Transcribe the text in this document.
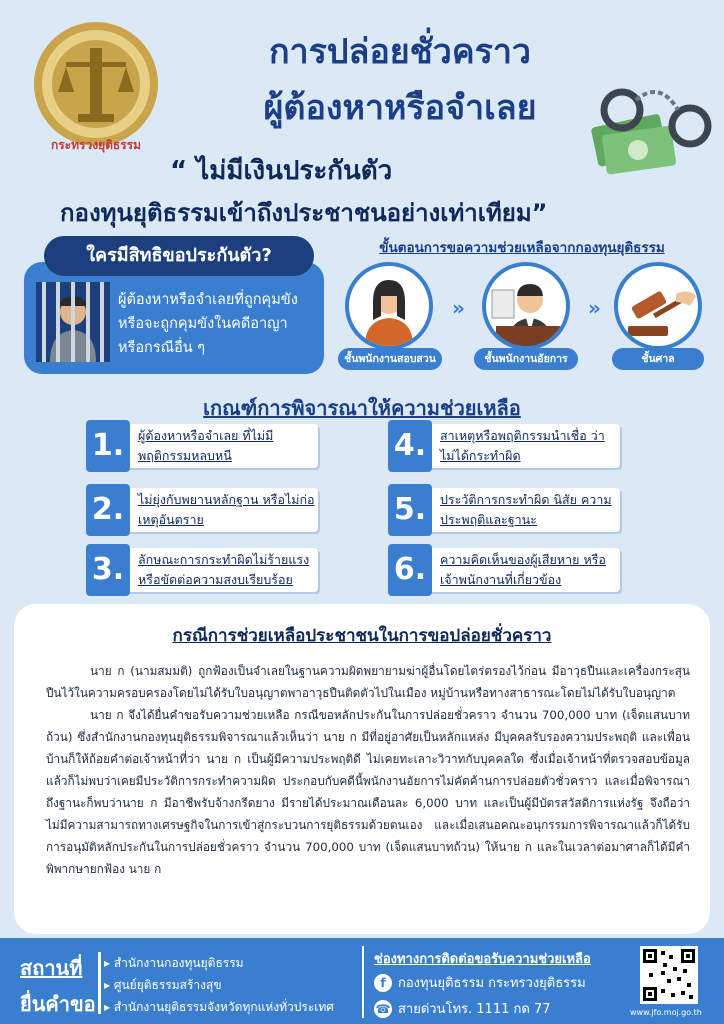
กระทรวงยุติธรรม
การปล่อยชั่วคราว
ผู้ต้องหาหรือจำเลย
“ ไม่มีเงินประกันตัว
กองทุนยุติธรรมเข้าถึงประชาชนอย่างเท่าเทียม”
ใครมีสิทธิขอประกันตัว?
ผู้ต้องหาหรือจำเลยที่ถูกคุมขัง หรือจะถูกคุมขังในคดีอาญา หรือกรณีอื่น ๆ
ขั้นตอนการขอความช่วยเหลือจากกองทุนยุติธรรม
ชั้นพนักงานสอบสวน
»
ชั้นพนักงานอัยการ
»
ชั้นศาล
เกณฑ์การพิจารณาให้ความช่วยเหลือ
1.	ผู้ต้องหาหรือจำเลย ที่ไม่มีพฤติกรรมหลบหนี
2.	ไม่ยุ่งกับพยานหลักฐาน หรือไม่ก่อเหตุอันตราย
3.	ลักษณะการกระทำผิดไม่ร้ายแรง หรือขัดต่อความสงบเรียบร้อย
4.	สาเหตุหรือพฤติกรรมนำเชื่อ ว่าไม่ได้กระทำผิด
5.	ประวัติการกระทำผิด นิสัย ความประพฤติและฐานะ
6.	ความคิดเห็นของผู้เสียหาย หรือเจ้าพนักงานที่เกี่ยวข้อง
กรณีการช่วยเหลือประชาชนในการขอปล่อยชั่วคราว

นาย ก (นามสมมติ) ถูกฟ้องเป็นจำเลยในฐานความผิดพยายามฆ่าผู้อื่นโดยไตร่ตรองไว้ก่อน มีอาวุธปืนและเครื่องกระสุนปืนไว้ในความครอบครองโดยไม่ได้รับใบอนุญาตพาอาวุธปืนติดตัวไปในเมือง หมู่บ้านหรือทางสาธารณะโดยไม่ได้รับใบอนุญาต

นาย ก จึงได้ยื่นคำขอรับความช่วยเหลือ กรณีขอหลักประกันในการปล่อยชั่วคราว จำนวน 700,000 บาท (เจ็ดแสนบาทถ้วน) ซึ่งสำนักงานกองทุนยุติธรรมพิจารณาแล้วเห็นว่า นาย ก มีที่อยู่อาศัยเป็นหลักแหล่ง มีบุคคลรับรองความประพฤติ และเพื่อนบ้านก็ให้ถ้อยคำต่อเจ้าหน้าที่ว่า นาย ก เป็นผู้มีความประพฤติดี ไม่เคยทะเลาะวิวาทกับบุคคลใด ซึ่งเมื่อเจ้าหน้าที่ตรวจสอบข้อมูลแล้วก็ไม่พบว่าเคยมีประวัติการกระทำความผิด ประกอบกับคดีนี้พนักงานอัยการไม่คัดค้านการปล่อยตัวชั่วคราว และเมื่อพิจารณาถึงฐานะก็พบว่านาย ก มีอาชีพรับจ้างกรีดยาง มีรายได้ประมาณเดือนละ 6,000 บาท และเป็นผู้มีบัตรสวัสดิการแห่งรัฐ จึงถือว่าไม่มีความสามารถทางเศรษฐกิจในการเข้าสู่กระบวนการยุติธรรมด้วยตนเอง และเมื่อเสนอคณะอนุกรรมการพิจารณาแล้วก็ได้รับการอนุมัติหลักประกันในการปล่อยชั่วคราว จำนวน 700,000 บาท (เจ็ดแสนบาทถ้วน) ให้นาย ก และในเวลาต่อมาศาลก็ได้มีคำพิพากษายกฟ้อง นาย ก

สถานที่
ยื่นคำขอ
▸ สำนักงานกองทุนยุติธรรม
▸ ศูนย์ยุติธรรมสร้างสุข
▸ สำนักงานยุติธรรมจังหวัดทุกแห่งทั่วประเทศ
ช่องทางการติดต่อขอรับความช่วยเหลือ
f กองทุนยุติธรรม กระทรวงยุติธรรม
☎ สายด่วนโทร. 1111 กด 77	www.jfo.moj.go.th
